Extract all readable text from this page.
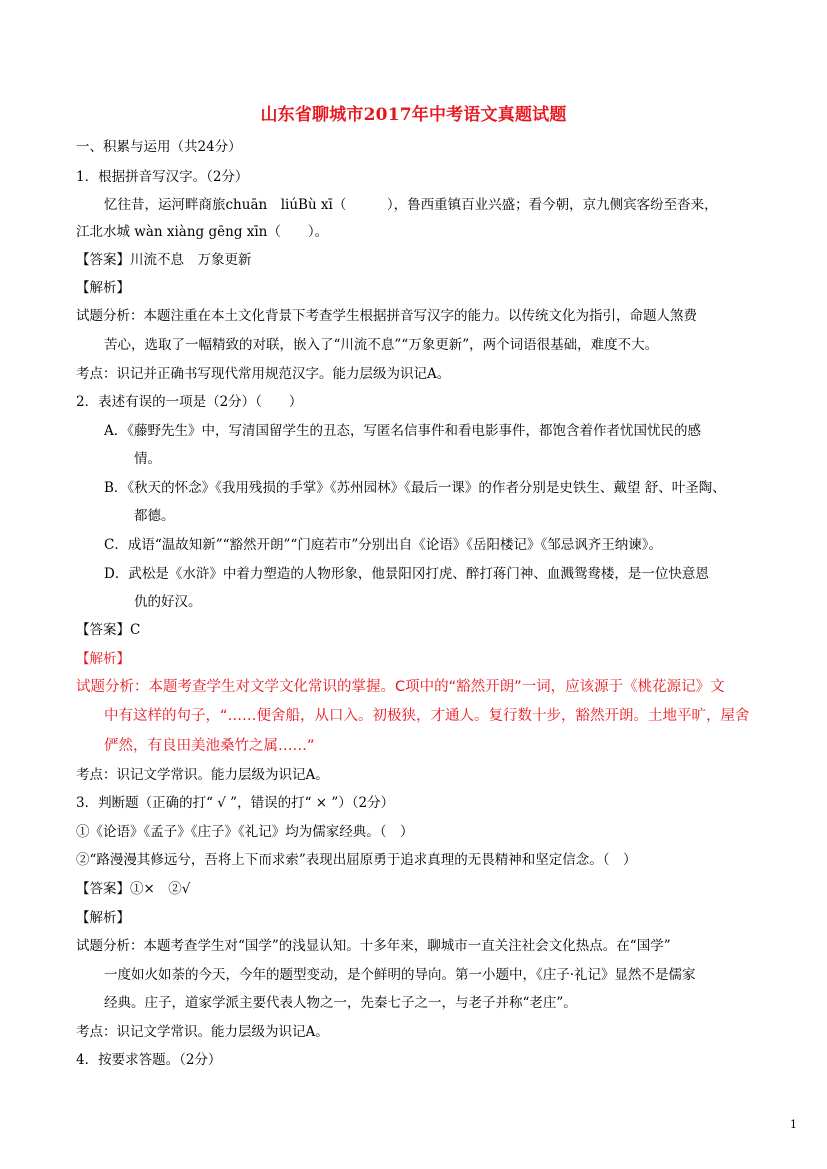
山东省聊城市2017年中考语文真题试题
一、积累与运用（共24分）
1．根据拼音写汉字。（2分）
忆往昔，运河畔商旅chuān　liúBù xī（　　　），鲁西重镇百业兴盛；看今朝，京九侧宾客纷至沓来，
江北水城 wàn xiàng gēng xīn（　　）。
【答案】川流不息　万象更新
【解析】
试题分析：本题注重在本土文化背景下考查学生根据拼音写汉字的能力。以传统文化为指引，命题人煞费
苦心，选取了一幅精致的对联，嵌入了“川流不息”“万象更新”，两个词语很基础，难度不大。
考点：识记并正确书写现代常用规范汉字。能力层级为识记A。
2．表述有误的一项是（2分）（　　）
A．《藤野先生》中，写清国留学生的丑态，写匿名信事件和看电影事件，都饱含着作者忧国忧民的感
情。
B．《秋天的怀念》《我用残损的手掌》《苏州园林》《最后一课》的作者分别是史铁生、戴望 舒、叶圣陶、
都德。
C．成语“温故知新”“豁然开朗”“门庭若市”分别出自《论语》《岳阳楼记》《邹忌讽齐王纳谏》。
D．武松是《水浒》中着力塑造的人物形象，他景阳冈打虎、醉打蒋门神、血溅鸳鸯楼，是一位快意恩
仇的好汉。
【答案】C
【解析】
试题分析：本题考查学生对文学文化常识的掌握。C项中的“豁然开朗”一词，应该源于《桃花源记》文
中有这样的句子，“……便舍船，从口入。初极狭，才通人。复行数十步，豁然开朗。土地平旷，屋舍
俨然，有良田美池桑竹之属……”
考点：识记文学常识。能力层级为识记A。
3．判断题（正确的打“ √ ”，错误的打“ × ”）（2分）
①《论语》《孟子》《庄子》《礼记》均为儒家经典。（　）
②“路漫漫其修远兮，吾将上下而求索”表现出屈原勇于追求真理的无畏精神和坚定信念。（　）
【答案】①×　②√
【解析】
试题分析：本题考查学生对“国学”的浅显认知。十多年来，聊城市一直关注社会文化热点。在“国学”
一度如火如荼的今天，今年的题型变动，是个鲜明的导向。第一小题中，《庄子·礼记》显然不是儒家
经典。庄子，道家学派主要代表人物之一，先秦七子之一，与老子并称“老庄”。
考点：识记文学常识。能力层级为识记A。
4．按要求答题。（2分）
1
